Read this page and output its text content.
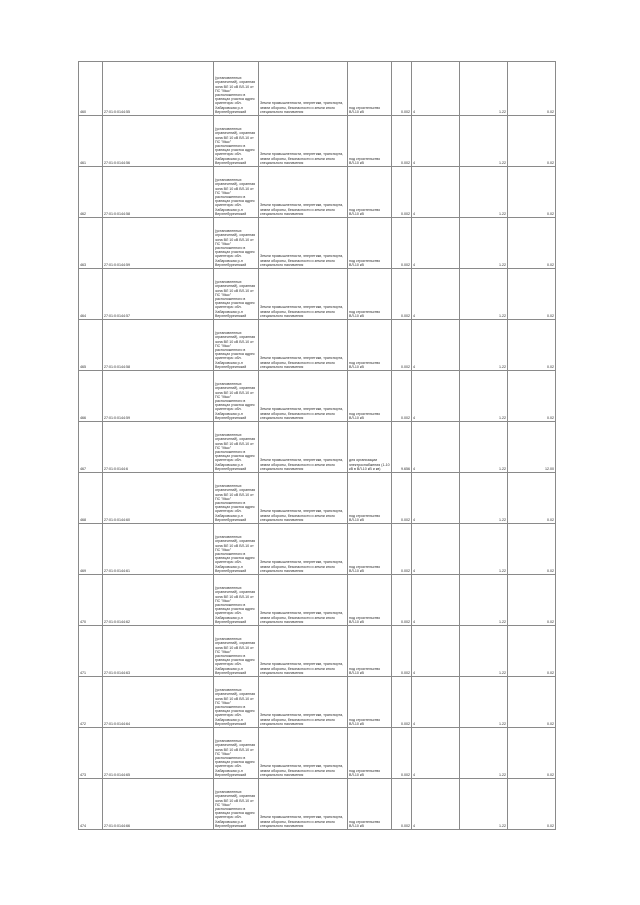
460	27:01:0:0144:55	(установленных ограничений), охранная зона ВЛ 10 кВ ВЛ-10 от ПС "Мыс" расположенного в границах участка адрес ориентира: обл. Хабаровская р-н Верхнебуреинский	Земли промышленности, энергетики, транспорта, земли обороны, безопасности и земли иного специального назначения	под строительство ВЛ-10 кВ	0.002	4	1.22	0.02
461	27:01:0:0144:56	(установленных ограничений), охранная зона ВЛ 10 кВ ВЛ-10 от ПС "Мыс" расположенного в границах участка адрес ориентира: обл. Хабаровская р-н Верхнебуреинский	Земли промышленности, энергетики, транспорта, земли обороны, безопасности и земли иного специального назначения	под строительство ВЛ-10 кВ	0.002	4	1.22	0.02
462	27:01:0:0144:58	(установленных ограничений), охранная зона ВЛ 10 кВ ВЛ-10 от ПС "Мыс" расположенного в границах участка адрес ориентира: обл. Хабаровская р-н Верхнебуреинский	Земли промышленности, энергетики, транспорта, земли обороны, безопасности и земли иного специального назначения	под строительство ВЛ-10 кВ	0.002	4	1.22	0.02
463	27:01:0:0144:59	(установленных ограничений), охранная зона ВЛ 10 кВ ВЛ-10 от ПС "Мыс" расположенного в границах участка адрес ориентира: обл. Хабаровская р-н Верхнебуреинский	Земли промышленности, энергетики, транспорта, земли обороны, безопасности и земли иного специального назначения	под строительство ВЛ-10 кВ	0.002	4	1.22	0.02
464	27:01:0:0144:57	(установленных ограничений), охранная зона ВЛ 10 кВ ВЛ-10 от ПС "Мыс" расположенного в границах участка адрес ориентира: обл. Хабаровская р-н Верхнебуреинский	Земли промышленности, энергетики, транспорта, земли обороны, безопасности и земли иного специального назначения	под строительство ВЛ-10 кВ	0.002	4	1.22	0.02
465	27:01:0:0144:58	(установленных ограничений), охранная зона ВЛ 10 кВ ВЛ-10 от ПС "Мыс" расположенного в границах участка адрес ориентира: обл. Хабаровская р-н Верхнебуреинский	Земли промышленности, энергетики, транспорта, земли обороны, безопасности и земли иного специального назначения	под строительство ВЛ-10 кВ	0.002	4	1.22	0.02
466	27:01:0:0144:59	(установленных ограничений), охранная зона ВЛ 10 кВ ВЛ-10 от ПС "Мыс" расположенного в границах участка адрес ориентира: обл. Хабаровская р-н Верхнебуреинский	Земли промышленности, энергетики, транспорта, земли обороны, безопасности и земли иного специального назначения	под строительство ВЛ-10 кВ	0.002	4	1.22	0.02
467	27:01:0:0144:6	(установленных ограничений), охранная зона ВЛ 10 кВ ВЛ-10 от ПС "Мыс" расположенного в границах участка адрес ориентира: обл. Хабаровская р-н Верхнебуреинский	Земли промышленности, энергетики, транспорта, земли обороны, безопасности и земли иного специального назначения	для организации электроснабжения (1-10 кВ в ВЛ-10 кВ и кв)	9.656	4	1.22	12.00
468	27:01:0:0144:60	(установленных ограничений), охранная зона ВЛ 10 кВ ВЛ-10 от ПС "Мыс" расположенного в границах участка адрес ориентира: обл. Хабаровская р-н Верхнебуреинский	Земли промышленности, энергетики, транспорта, земли обороны, безопасности и земли иного специального назначения	под строительство ВЛ-10 кВ	0.002	4	1.22	0.02
469	27:01:0:0144:61	(установленных ограничений), охранная зона ВЛ 10 кВ ВЛ-10 от ПС "Мыс" расположенного в границах участка адрес ориентира: обл. Хабаровская р-н Верхнебуреинский	Земли промышленности, энергетики, транспорта, земли обороны, безопасности и земли иного специального назначения	под строительство ВЛ-10 кВ	0.002	4	1.22	0.02
470	27:01:0:0144:62	(установленных ограничений), охранная зона ВЛ 10 кВ ВЛ-10 от ПС "Мыс" расположенного в границах участка адрес ориентира: обл. Хабаровская р-н Верхнебуреинский	Земли промышленности, энергетики, транспорта, земли обороны, безопасности и земли иного специального назначения	под строительство ВЛ-10 кВ	0.002	4	1.22	0.02
471	27:01:0:0144:63	(установленных ограничений), охранная зона ВЛ 10 кВ ВЛ-10 от ПС "Мыс" расположенного в границах участка адрес ориентира: обл. Хабаровская р-н Верхнебуреинский	Земли промышленности, энергетики, транспорта, земли обороны, безопасности и земли иного специального назначения	под строительство ВЛ-10 кВ	0.002	4	1.22	0.02
472	27:01:0:0144:64	(установленных ограничений), охранная зона ВЛ 10 кВ ВЛ-10 от ПС "Мыс" расположенного в границах участка адрес ориентира: обл. Хабаровская р-н Верхнебуреинский	Земли промышленности, энергетики, транспорта, земли обороны, безопасности и земли иного специального назначения	под строительство ВЛ-10 кВ	0.002	4	1.22	0.02
473	27:01:0:0144:65	(установленных ограничений), охранная зона ВЛ 10 кВ ВЛ-10 от ПС "Мыс" расположенного в границах участка адрес ориентира: обл. Хабаровская р-н Верхнебуреинский	Земли промышленности, энергетики, транспорта, земли обороны, безопасности и земли иного специального назначения	под строительство ВЛ-10 кВ	0.002	4	1.22	0.02
474	27:01:0:0144:66	(установленных ограничений), охранная зона ВЛ 10 кВ ВЛ-10 от ПС "Мыс" расположенного в границах участка адрес ориентира: обл. Хабаровская р-н Верхнебуреинский	Земли промышленности, энергетики, транспорта, земли обороны, безопасности и земли иного специального назначения	под строительство ВЛ-10 кВ	0.002	4	1.22	0.02
